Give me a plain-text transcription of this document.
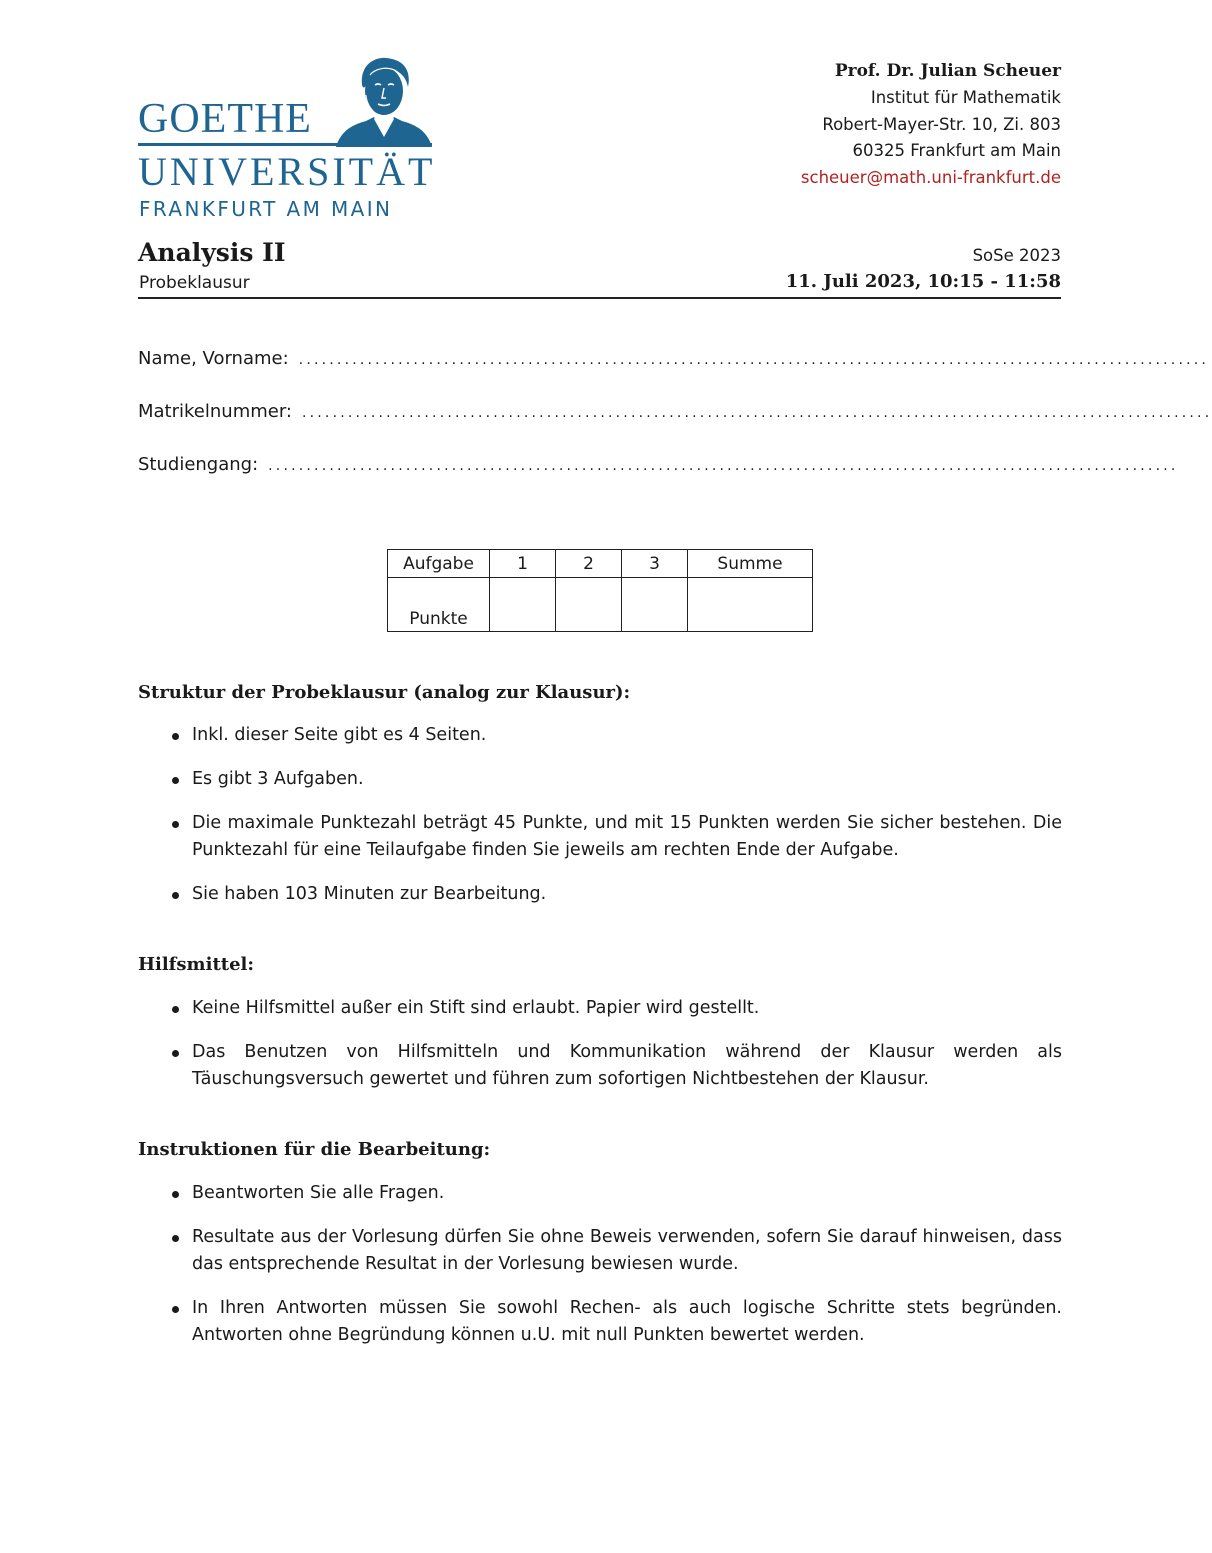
GOETHE
UNIVERSITÄT
FRANKFURT AM MAIN
Prof. Dr. Julian Scheuer
Institut für Mathematik
Robert-Mayer-Str. 10, Zi. 803
60325 Frankfurt am Main
scheuer@math.uni-frankfurt.de
Analysis II
Probeklausur
SoSe 2023
11. Juli 2023, 10:15 - 11:58
Name, Vorname: .......................................................................................................................
Matrikelnummer: .......................................................................................................................
Studiengang: .......................................................................................................................
Aufgabe	1	2	3	Summe
Punkte				
Struktur der Probeklausur (analog zur Klausur):
Inkl. dieser Seite gibt es 4 Seiten.
Es gibt 3 Aufgaben.
Die maximale Punktezahl beträgt 45 Punkte, und mit 15 Punkten werden Sie sicher bestehen. Die Punktezahl für eine Teilaufgabe finden Sie jeweils am rechten Ende der Aufgabe.
Sie haben 103 Minuten zur Bearbeitung.
Hilfsmittel:
Keine Hilfsmittel außer ein Stift sind erlaubt. Papier wird gestellt.
Das Benutzen von Hilfsmitteln und Kommunikation während der Klausur werden als Täuschungsversuch gewertet und führen zum sofortigen Nichtbestehen der Klausur.
Instruktionen für die Bearbeitung:
Beantworten Sie alle Fragen.
Resultate aus der Vorlesung dürfen Sie ohne Beweis verwenden, sofern Sie darauf hinweisen, dass das entsprechende Resultat in der Vorlesung bewiesen wurde.
In Ihren Antworten müssen Sie sowohl Rechen- als auch logische Schritte stets begründen. Antworten ohne Begründung können u.U. mit null Punkten bewertet werden.
